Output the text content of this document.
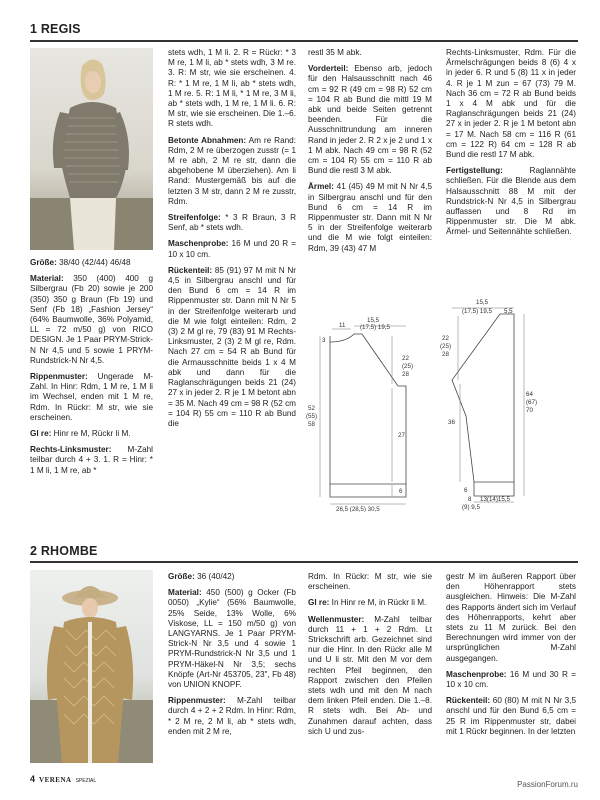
1 REGIS

Größe: 38/40 (42/44) 46/48

Material: 350 (400) 400 g Silbergrau (Fb 20) sowie je 200 (350) 350 g Braun (Fb 19) und Senf (Fb 18) „Fashion Jersey“ (64% Baumwolle, 36% Polyamid, LL = 72 m/50 g) von RICO DESIGN. Je 1 Paar PRYM-Strick-N Nr 4,5 und 5 sowie 1 PRYM-Rundstrick-N Nr 4,5.

Rippenmuster: Ungerade M-Zahl. In Hinr: Rdm, 1 M re, 1 M li im Wechsel, enden mit 1 M re, Rdm. In Rückr: M str, wie sie erscheinen.

Gl re: Hinr re M, Rückr li M.

Rechts-Linksmuster: M-Zahl teilbar durch 4 + 3. 1. R = Hinr: * 1 M li, 1 M re, ab *

stets wdh, 1 M li. 2. R = Rückr: * 3 M re, 1 M li, ab * stets wdh, 3 M re. 3. R: M str, wie sie erscheinen. 4. R: * 1 M re, 1 M li, ab * stets wdh, 1 M re. 5. R: 1 M li, * 1 M re, 3 M li, ab * stets wdh, 1 M re, 1 M li. 6. R: M str, wie sie erscheinen. Die 1.–6. R stets wdh.

Betonte Abnahmen: Am re Rand: Rdm, 2 M re überzogen zusstr (= 1 M re abh, 2 M re str, dann die abgehobene M überziehen). Am li Rand: Mustergemäß bis auf die letzten 3 M str, dann 2 M re zusstr, Rdm.

Streifenfolge: * 3 R Braun, 3 R Senf, ab * stets wdh.

Maschenprobe: 16 M und 20 R = 10 x 10 cm.

Rückenteil: 85 (91) 97 M mit N Nr 4,5 in Silbergrau anschl und für den Bund 6 cm = 14 R im Rippenmuster str. Dann mit N Nr 5 in der Streifenfolge weiterarb und die M wie folgt einteilen: Rdm, 2 (3) 2 M gl re, 79 (83) 91 M Rechts-Linksmuster, 2 (3) 2 M gl re, Rdm. Nach 27 cm = 54 R ab Bund für die Armausschnitte beids 1 x 4 M abk und dann für die Raglanschrägungen beids 21 (24) 27 x in jeder 2. R je 1 M betont abn = 35 M. Nach 49 cm = 98 R (52 cm = 104 R) 55 cm = 110 R ab Bund die

restl 35 M abk.

Vorderteil: Ebenso arb, jedoch für den Halsausschnitt nach 46 cm = 92 R (49 cm = 98 R) 52 cm = 104 R ab Bund die mittl 19 M abk und beide Seiten getrennt beenden. Für die Ausschnittrundung am inneren Rand in jeder 2. R 2 x je 2 und 1 x 1 M abk. Nach 49 cm = 98 R (52 cm = 104 R) 55 cm = 110 R ab Bund die restl 3 M abk.

Ärmel: 41 (45) 49 M mit N Nr 4,5 in Silbergrau anschl und für den Bund 6 cm = 14 R im Rippenmuster str. Dann mit N Nr 5 in der Streifenfolge weiterarb und die M wie folgt einteilen: Rdm, 39 (43) 47 M

Rechts-Linksmuster, Rdm. Für die Ärmelschrägungen beids 8 (6) 4 x in jeder 6. R und 5 (8) 11 x in jeder 4. R je 1 M zun = 67 (73) 79 M. Nach 36 cm = 72 R ab Bund beids 1 x 4 M abk und für die Raglanschrägungen beids 21 (24) 27 x in jeder 2. R je 1 M betont abn = 17 M. Nach 58 cm = 116 R (61 cm = 122 R) 64 cm = 128 R ab Bund die restl 17 M abk.

Fertigstellung: Raglannähte schließen. Für die Blende aus dem Halsausschnitt 88 M mit der Rundstrick-N Nr 4,5 in Silbergrau auffassen und 8 Rd im Rippenmuster str. Die M abk. Ärmel- und Seitennähte schließen.

11
15,5
(17,5) 19,5
3
22
(25)
28
52
(55)
58
27
6
26,5 (28,5) 30,5
15,5
(17,5) 19,5 5,5
22
(25)
28
36
64
(67)
70
6
8
(9) 9,5
13(14)15,5
2 RHOMBE

Größe: 36 (40/42)

Material: 450 (500) g Ocker (Fb 0050) „Kylie“ (56% Baumwolle, 25% Seide, 13% Wolle, 6% Viskose, LL = 150 m/50 g) von LANGYARNS. Je 1 Paar PRYM-Strick-N Nr 3,5 und 4 sowie 1 PRYM-Rundstrick-N Nr 3,5 und 1 PRYM-Häkel-N Nr 3,5; sechs Knöpfe (Art-Nr 453705, 23", Fb 48) von UNION KNOPF.

Rippenmuster: M-Zahl teilbar durch 4 + 2 + 2 Rdm. In Hinr: Rdm, * 2 M re, 2 M li, ab * stets wdh, enden mit 2 M re,

Rdm. In Rückr: M str, wie sie erscheinen.

Gl re: In Hinr re M, in Rückr li M.

Wellenmuster: M-Zahl teilbar durch 11 + 1 + 2 Rdm. Lt Strickschrift arb. Gezeichnet sind nur die Hinr. In den Rückr alle M und U li str. Mit den M vor dem rechten Pfeil beginnen, den Rapport zwischen den Pfeilen stets wdh und mit den M nach dem linken Pfeil enden. Die 1.–8. R stets wdh. Bei Ab- und Zunahmen darauf achten, dass sich U und zus-

gestr M im äußeren Rapport über den Höhenrapport stets ausgleichen. Hinweis: Die M-Zahl des Rapports ändert sich im Verlauf des Höhenrapports, kehrt aber stets zu 11 M zurück. Bei den Berechnungen wird immer von der ursprünglichen M-Zahl ausgegangen.

Maschenprobe: 16 M und 30 R = 10 x 10 cm.

Rückenteil: 60 (80) M mit N Nr 3,5 anschl und für den Bund 6,5 cm = 25 R im Rippenmuster str, dabei mit 1 Rückr beginnen. In der letzten

4 VERENA SPEZIAL	PassionForum.ru
